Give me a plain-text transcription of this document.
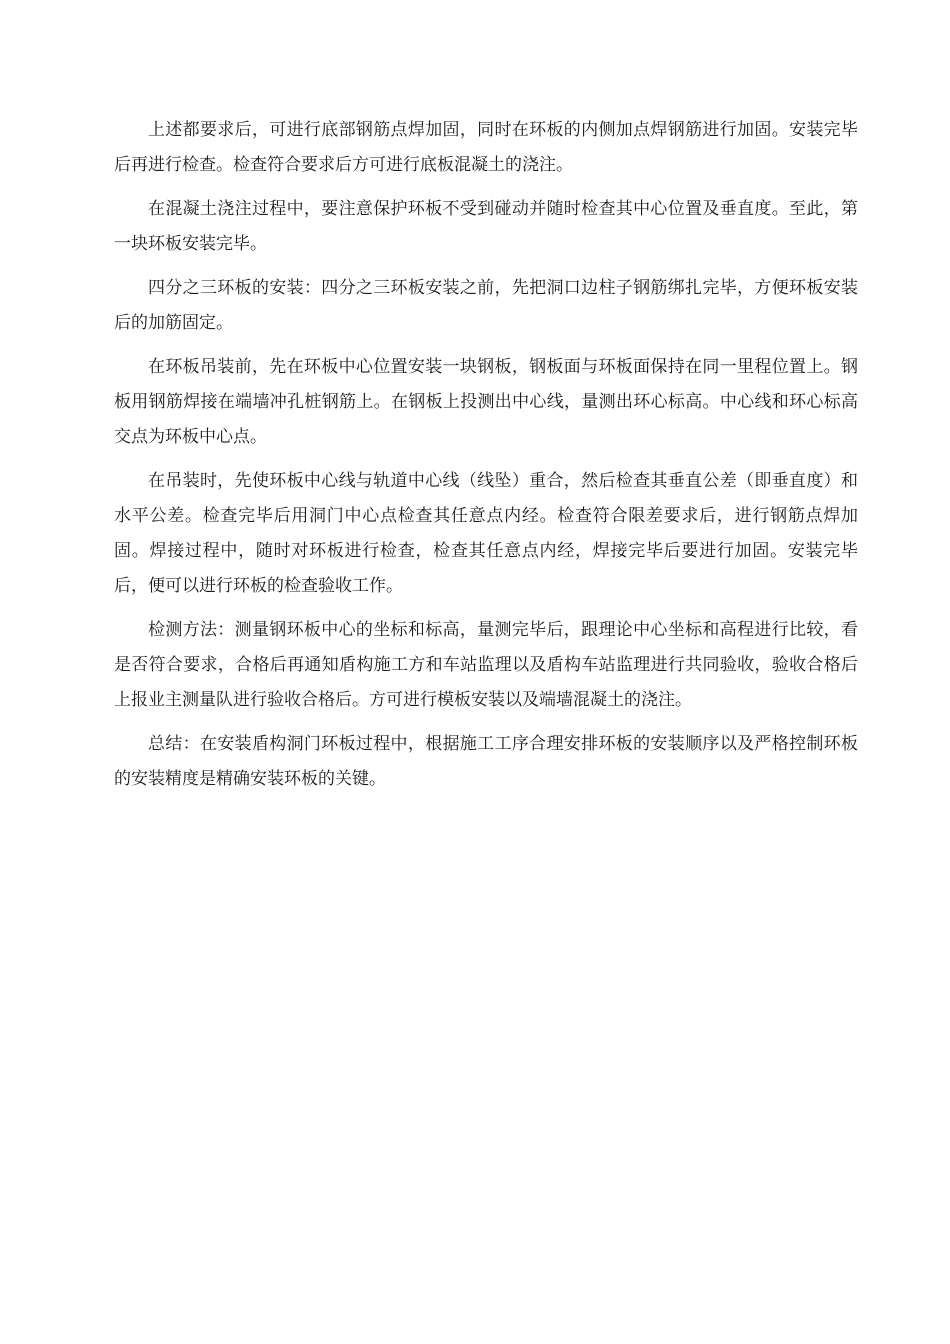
上述都要求后，可进行底部钢筋点焊加固，同时在环板的内侧加点焊钢筋进行加固。安装完毕后再进行检查。检查符合要求后方可进行底板混凝土的浇注。

在混凝土浇注过程中，要注意保护环板不受到碰动并随时检查其中心位置及垂直度。至此，第一块环板安装完毕。

四分之三环板的安装：四分之三环板安装之前，先把洞口边柱子钢筋绑扎完毕，方便环板安装后的加筋固定。

在环板吊装前，先在环板中心位置安装一块钢板，钢板面与环板面保持在同一里程位置上。钢板用钢筋焊接在端墙冲孔桩钢筋上。在钢板上投测出中心线，量测出环心标高。中心线和环心标高交点为环板中心点。

在吊装时，先使环板中心线与轨道中心线（线坠）重合，然后检查其垂直公差（即垂直度）和水平公差。检查完毕后用洞门中心点检查其任意点内经。检查符合限差要求后，进行钢筋点焊加固。焊接过程中，随时对环板进行检查，检查其任意点内经，焊接完毕后要进行加固。安装完毕后，便可以进行环板的检查验收工作。

检测方法：测量钢环板中心的坐标和标高，量测完毕后，跟理论中心坐标和高程进行比较，看是否符合要求，合格后再通知盾构施工方和车站监理以及盾构车站监理进行共同验收，验收合格后上报业主测量队进行验收合格后。方可进行模板安装以及端墙混凝土的浇注。

总结：在安装盾构洞门环板过程中，根据施工工序合理安排环板的安装顺序以及严格控制环板的安装精度是精确安装环板的关键。
